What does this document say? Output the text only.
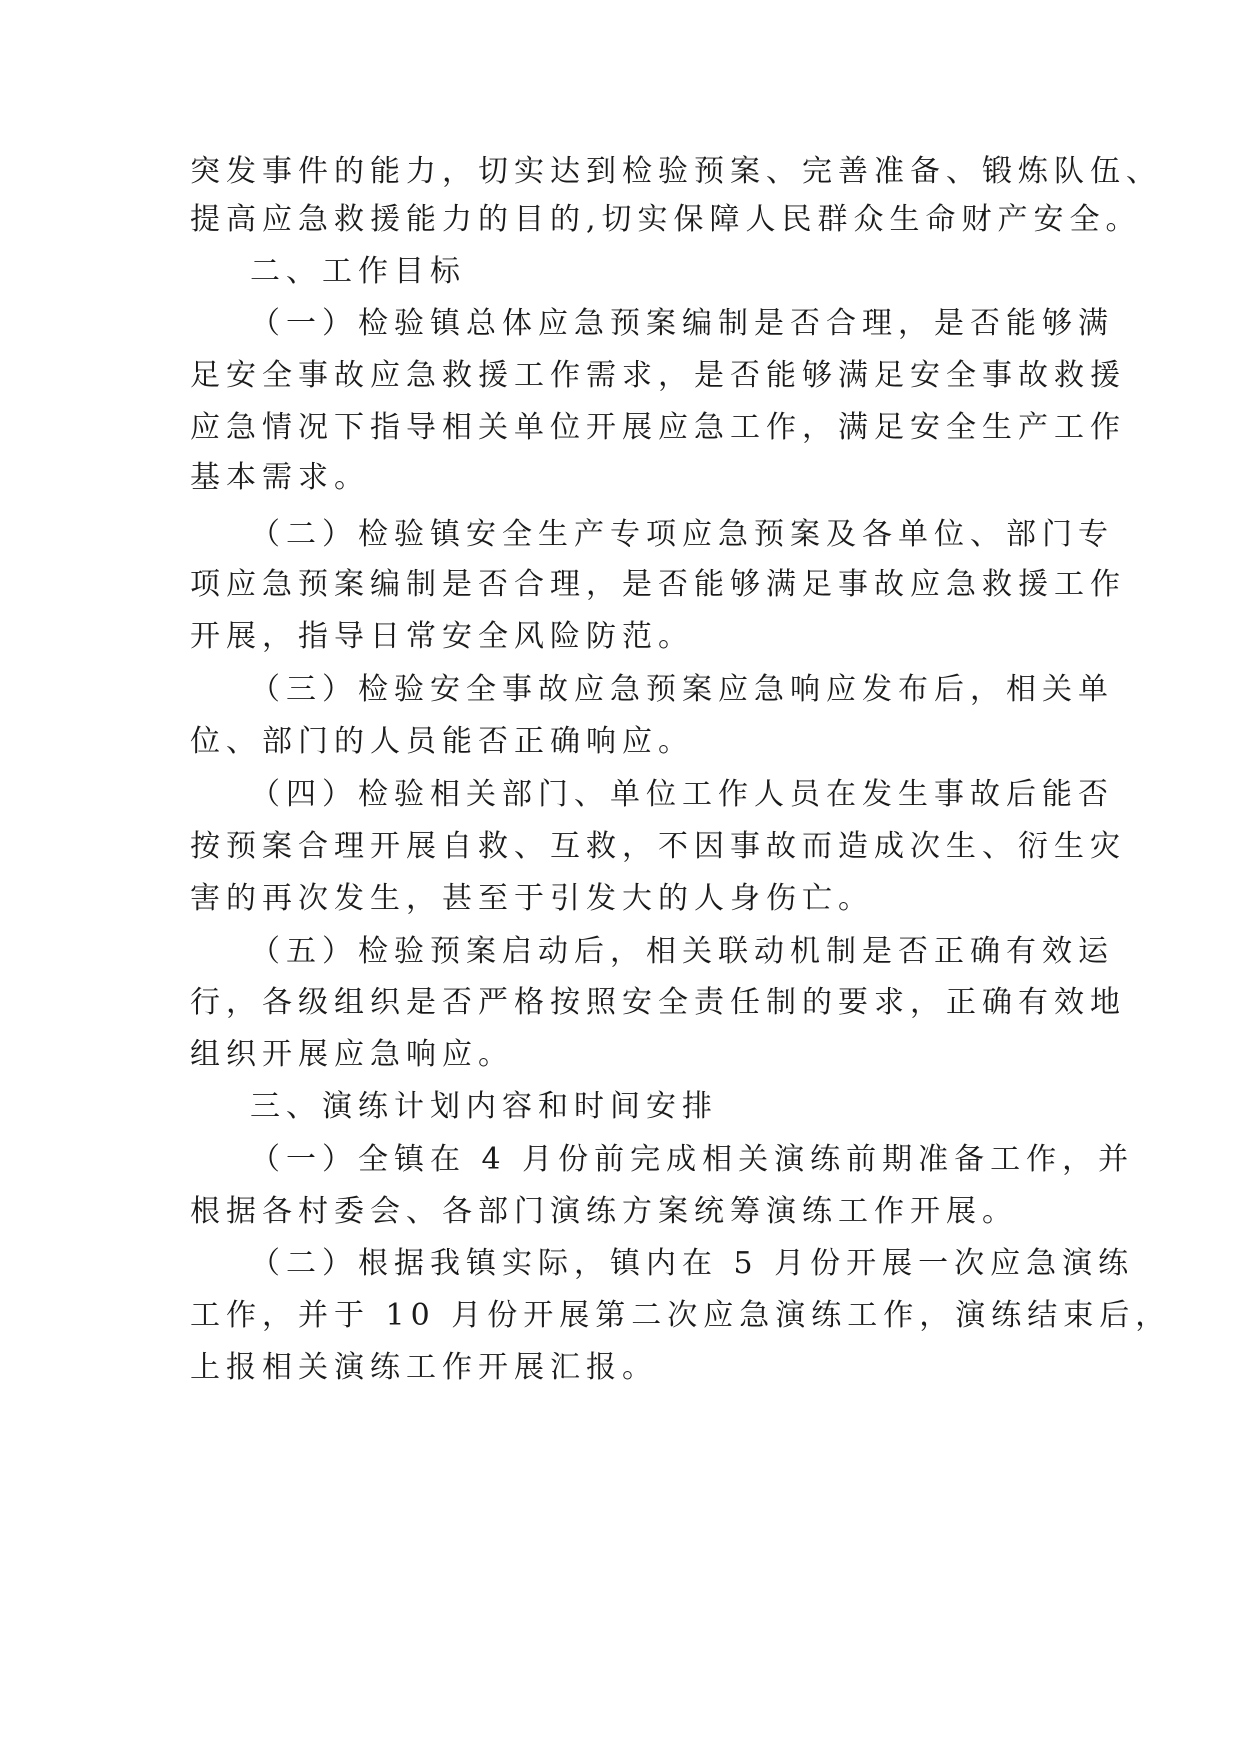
突发事件的能力，切实达到检验预案、完善准备、锻炼队伍、
提高应急救援能力的目的,切实保障人民群众生命财产安全。
二、工作目标
（一）检验镇总体应急预案编制是否合理，是否能够满
足安全事故应急救援工作需求，是否能够满足安全事故救援
应急情况下指导相关单位开展应急工作，满足安全生产工作
基本需求。
（二）检验镇安全生产专项应急预案及各单位、部门专
项应急预案编制是否合理，是否能够满足事故应急救援工作
开展，指导日常安全风险防范。
（三）检验安全事故应急预案应急响应发布后，相关单
位、部门的人员能否正确响应。
（四）检验相关部门、单位工作人员在发生事故后能否
按预案合理开展自救、互救，不因事故而造成次生、衍生灾
害的再次发生，甚至于引发大的人身伤亡。
（五）检验预案启动后，相关联动机制是否正确有效运
行，各级组织是否严格按照安全责任制的要求，正确有效地
组织开展应急响应。
三、演练计划内容和时间安排
（一）全镇在 4 月份前完成相关演练前期准备工作，并
根据各村委会、各部门演练方案统筹演练工作开展。
（二）根据我镇实际，镇内在 5 月份开展一次应急演练
工作，并于 10 月份开展第二次应急演练工作，演练结束后，
上报相关演练工作开展汇报。
